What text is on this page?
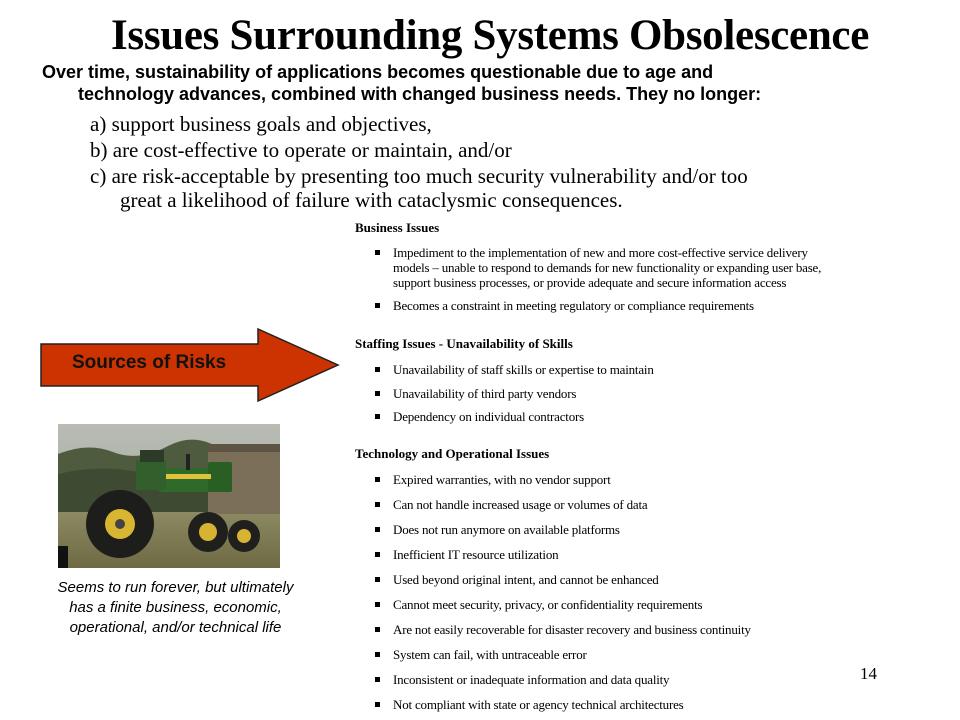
Issues Surrounding Systems Obsolescence
Over time, sustainability of applications becomes questionable due to age and
technology advances, combined with changed business needs. They no longer:
a) support business goals and objectives,
b) are cost-effective to operate or maintain, and/or
c) are risk-acceptable by presenting too much security vulnerability and/or too
great a likelihood of failure with cataclysmic consequences.
Business Issues
Impediment to the implementation of new and more cost-effective service delivery
models – unable to respond to demands for new functionality or expanding user base,
support business processes, or provide adequate and secure information access
Becomes a constraint in meeting regulatory or compliance requirements
Staffing Issues - Unavailability of Skills
Unavailability of staff skills or expertise to maintain
Unavailability of third party vendors
Dependency on individual contractors
Technology and Operational Issues
Expired warranties, with no vendor support
Can not handle increased usage or volumes of data
Does not run anymore on available platforms
Inefficient IT resource utilization
Used beyond original intent, and cannot be enhanced
Cannot meet security, privacy, or confidentiality requirements
Are not easily recoverable for disaster recovery and business continuity
System can fail, with untraceable error
Inconsistent or inadequate information and data quality
Not compliant with state or agency technical architectures
Sources of Risks
Seems to run forever, but ultimately
has a finite business, economic,
operational, and/or technical life
14
